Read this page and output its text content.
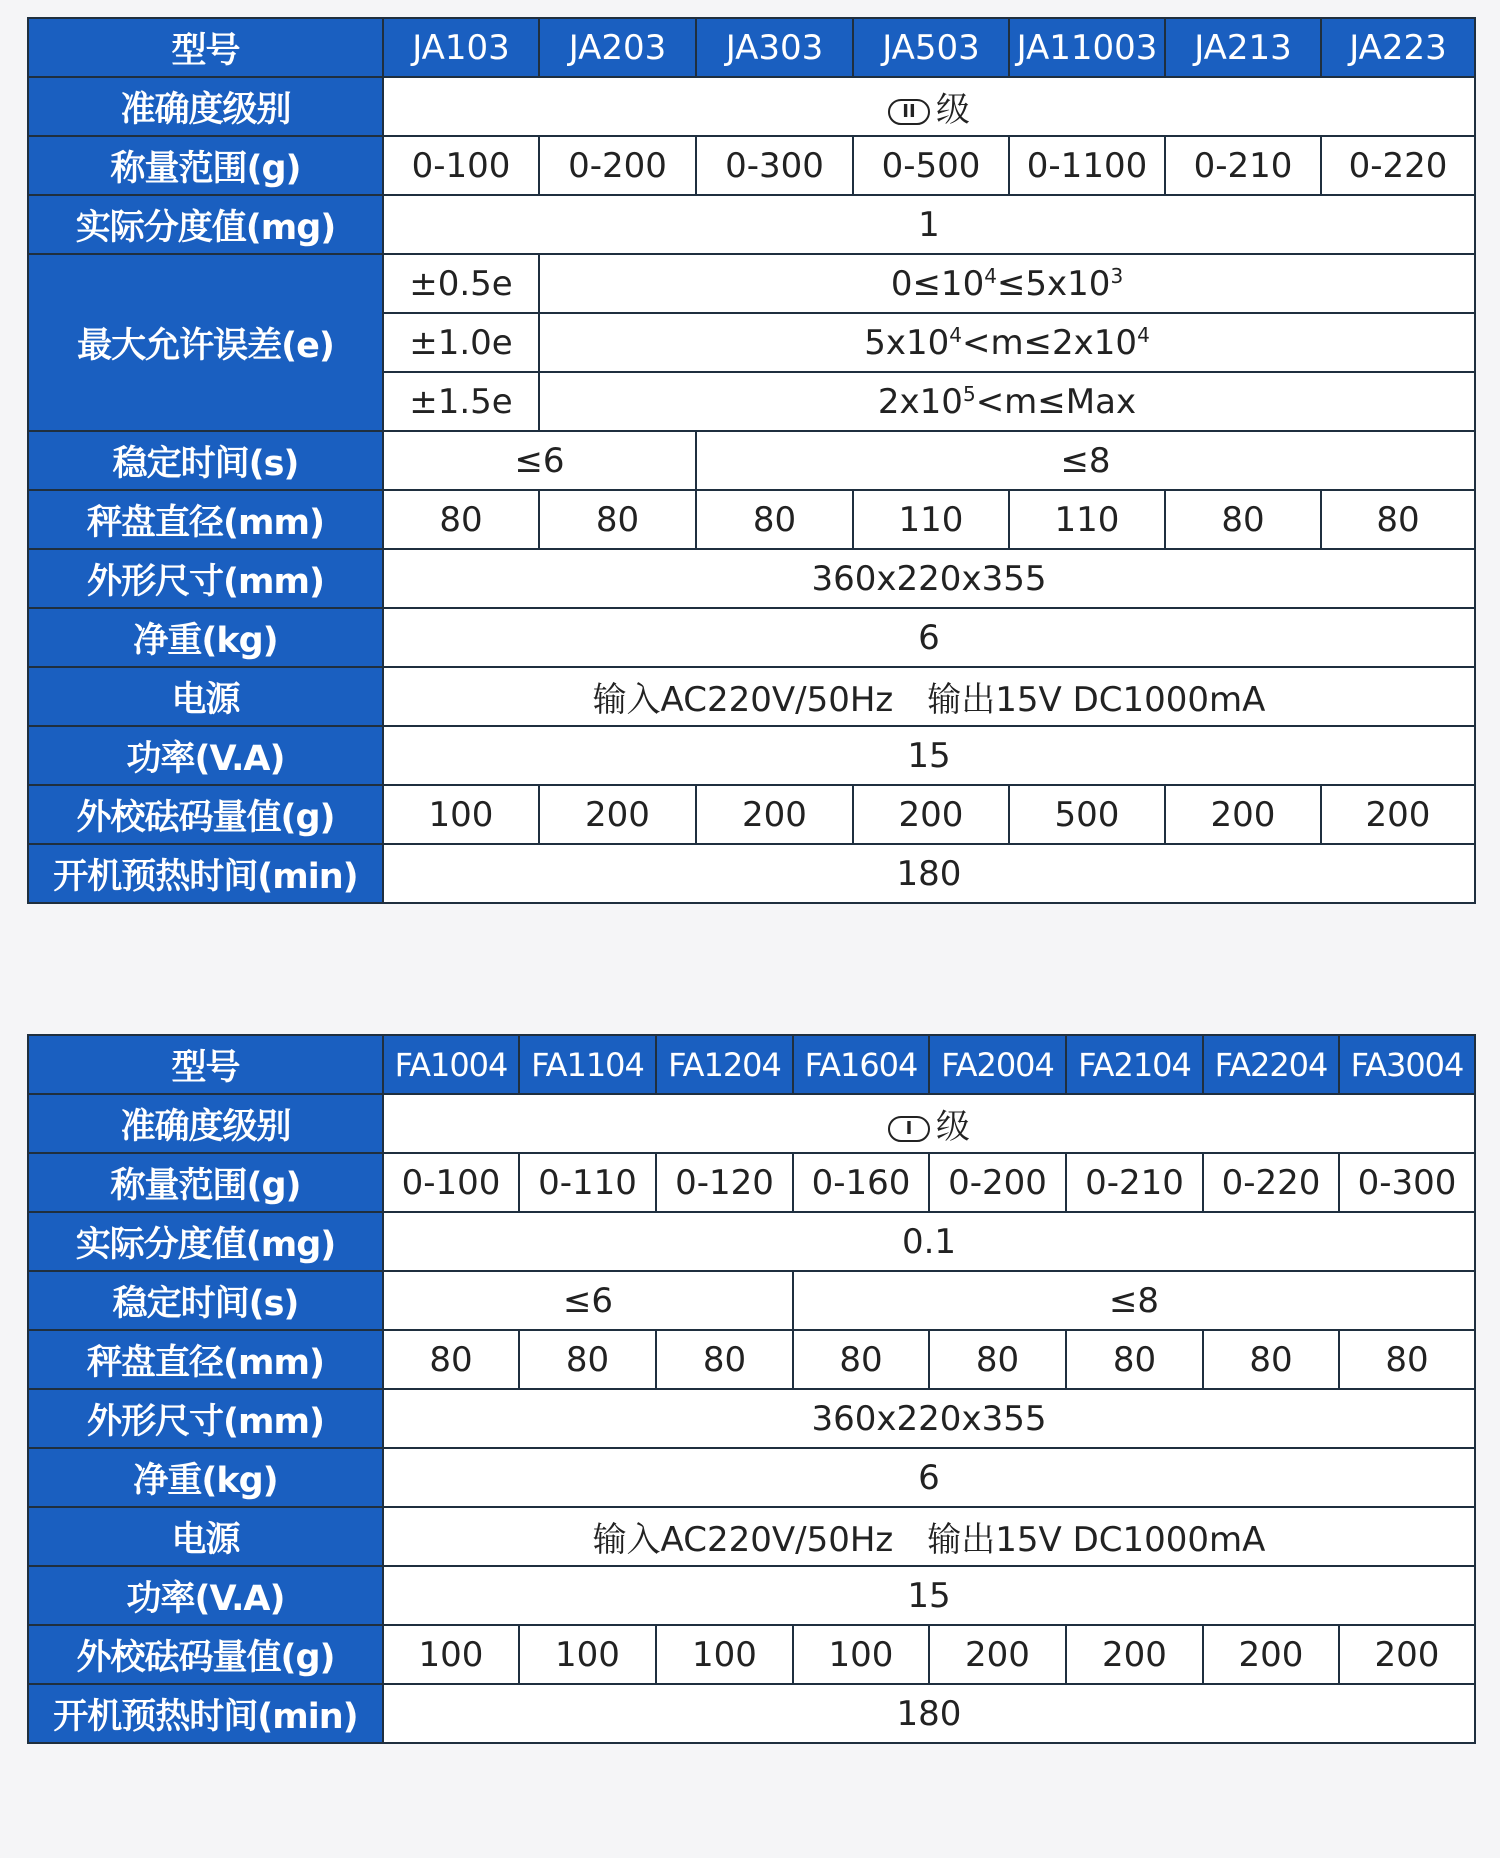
型号	JA103	JA203	JA303	JA503	JA11003	JA213	JA223
准确度级别	II 级						
称量范围(g)	0-100	0-200	0-300	0-500	0-1100	0-210	0-220
实际分度值(mg)	1						
最大允许误差(e)	±0.5e	$0\le 10^4\le 5x10^3$
	±1.0e	$5x10^4<m\le 2x10^4$
	±1.5e	$2x10^5<m\le Max$					
稳定时间(s)	≤6		≤8				
秤盘直径(mm)	80	80	80	110	110	80	80
外形尺寸(mm)	360x220x355						
净重(kg)	6						
电源	输入AC220V/50Hz　输出15V DC1000mA						
功率(V.A)	15						
外校砝码量值(g)	100	200	200	200	500	200	200
开机预热时间(min)	180						
型号	FA1004	FA1104	FA1204	FA1604	FA2004	FA2104	FA2204	FA3004
准确度级别	I 级							
称量范围(g)	0-100	0-110	0-120	0-160	0-200	0-210	0-220	0-300
实际分度值(mg)	0.1							
稳定时间(s)	≤6			≤8				
秤盘直径(mm)	80	80	80	80	80	80	80	80
外形尺寸(mm)	360x220x355							
净重(kg)	6							
电源	输入AC220V/50Hz　输出15V DC1000mA							
功率(V.A)	15							
外校砝码量值(g)	100	100	100	100	200	200	200	200
开机预热时间(min)	180							
